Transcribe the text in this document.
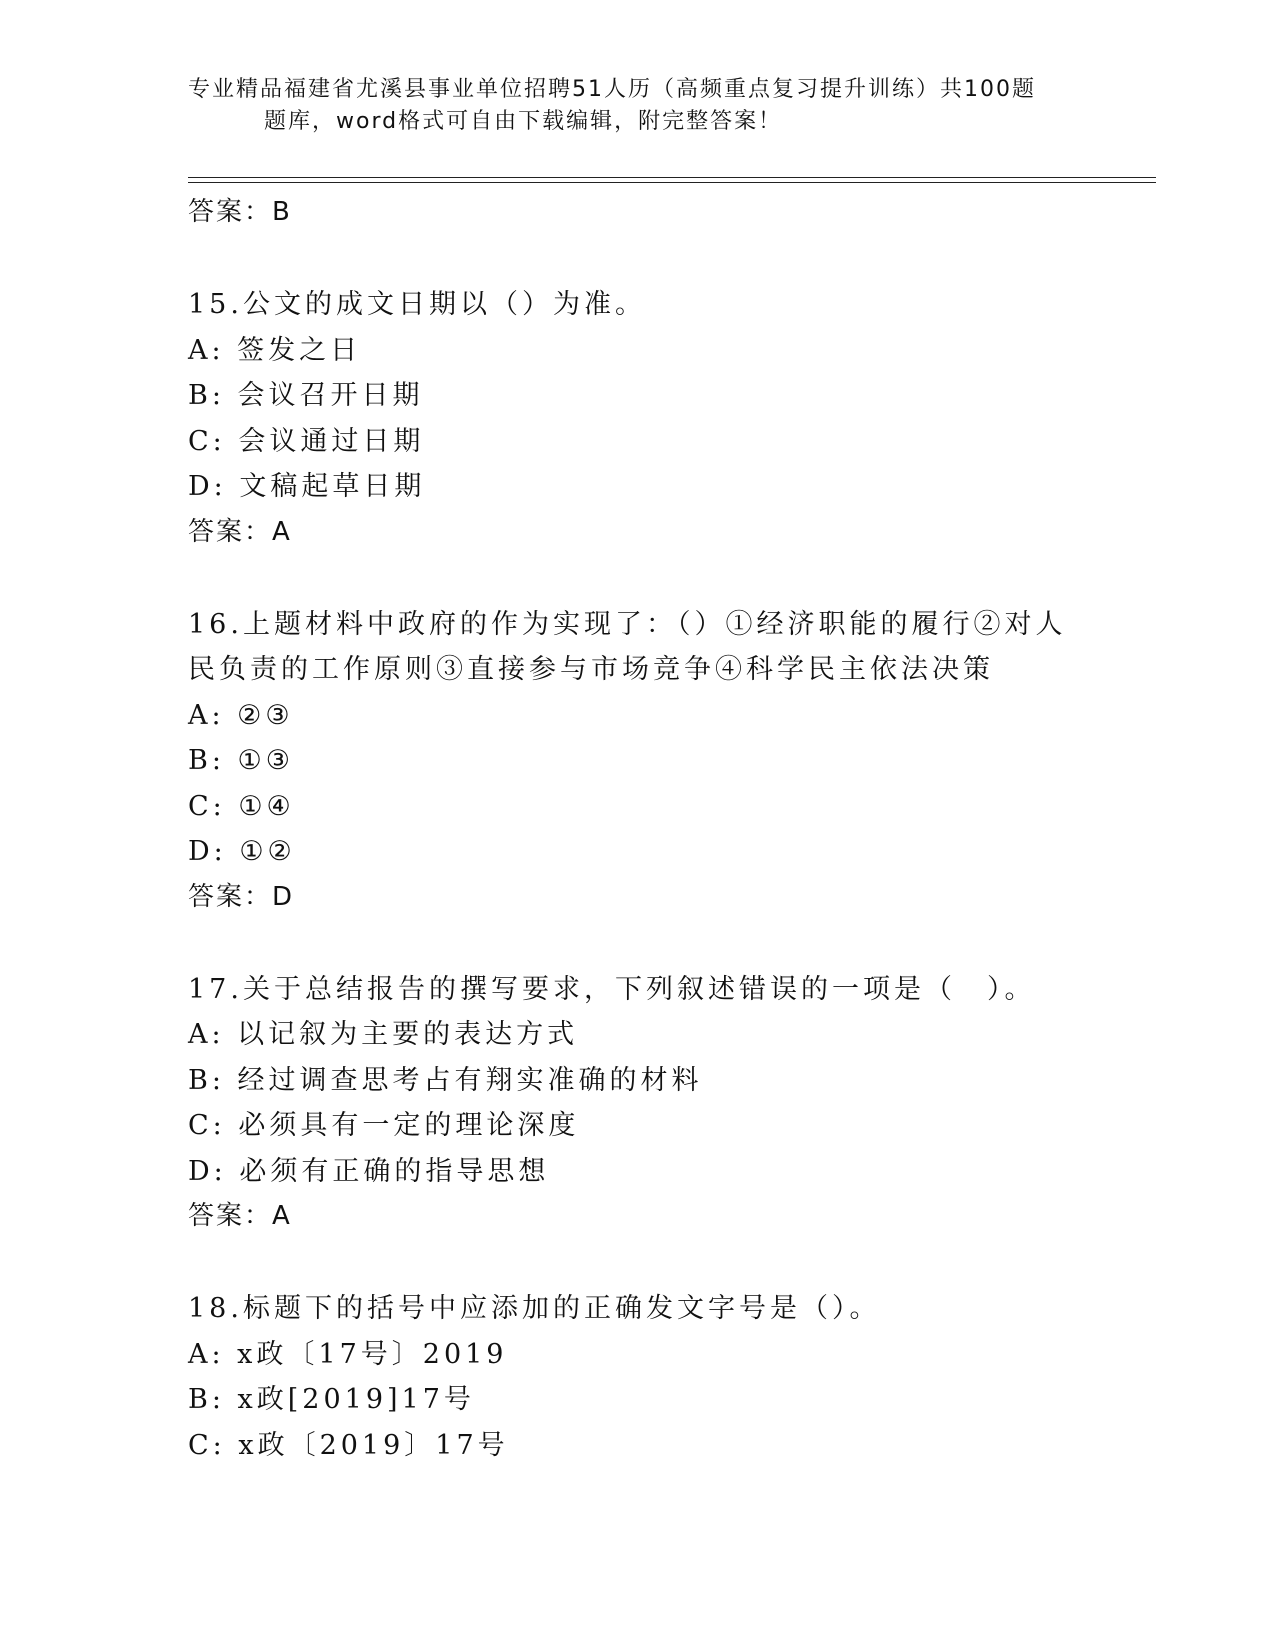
专业精品福建省尤溪县事业单位招聘51人历（高频重点复习提升训练）共100题
题库，word格式可自由下载编辑，附完整答案！
答案：B
15.公文的成文日期以（）为准。
A: 签发之日
B: 会议召开日期
C: 会议通过日期
D: 文稿起草日期
答案：A
16.上题材料中政府的作为实现了：（）①经济职能的履行②对人民负责的工作原则③直接参与市场竞争④科学民主依法决策
A: ②③
B: ①③
C: ①④
D: ①②
答案：D
17.关于总结报告的撰写要求，下列叙述错误的一项是（　）。
A: 以记叙为主要的表达方式
B: 经过调查思考占有翔实准确的材料
C: 必须具有一定的理论深度
D: 必须有正确的指导思想
答案：A
18.标题下的括号中应添加的正确发文字号是（）。
A: x政〔17号〕2019
B: x政[2019]17号
C: x政〔2019〕17号
